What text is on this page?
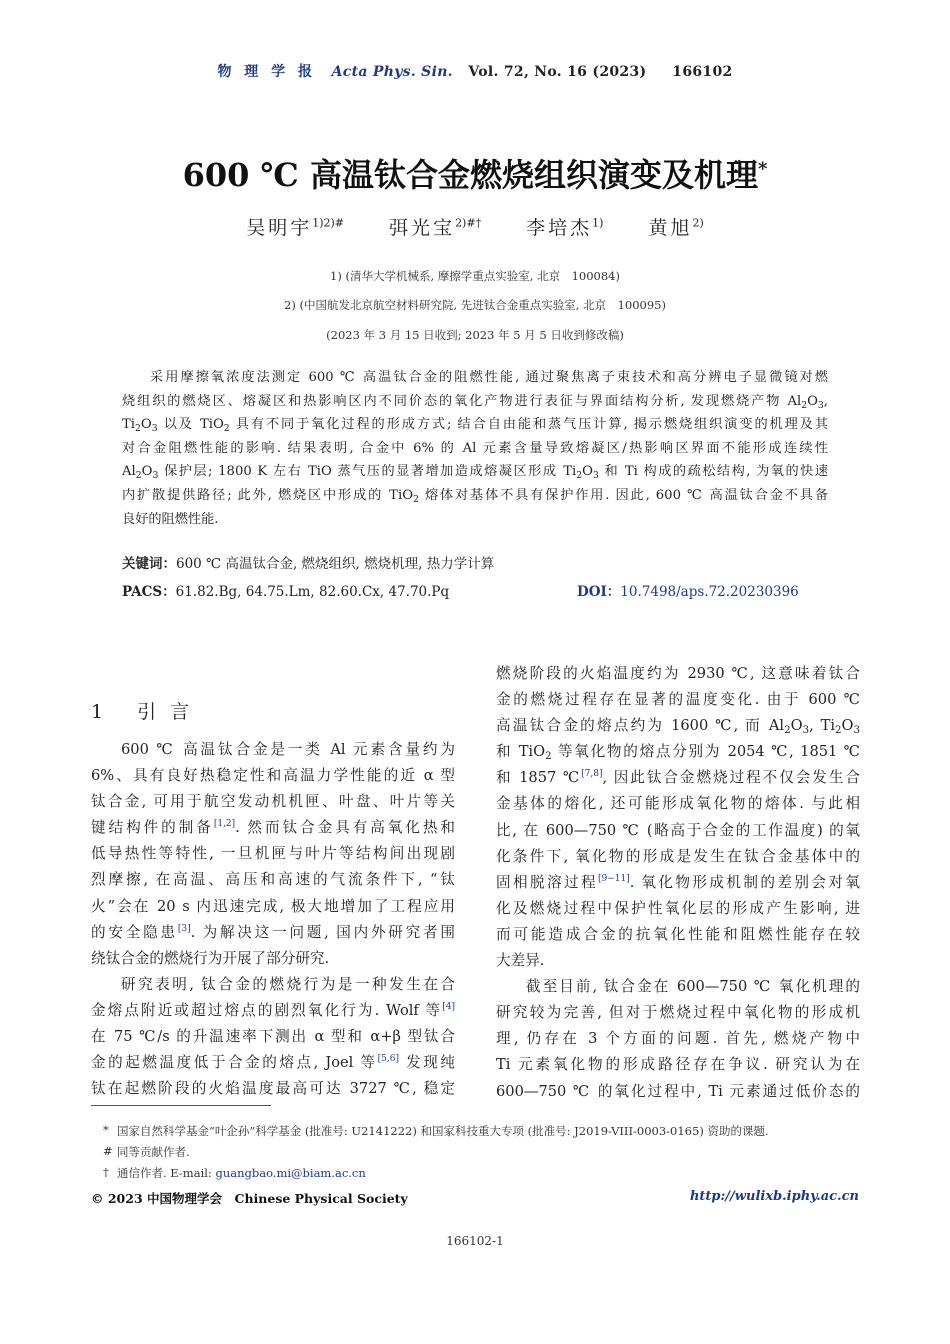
物 理 学 报 Acta Phys. Sin. Vol. 72, No. 16 (2023) 166102
600 ℃ 高温钛合金燃烧组织演变及机理*
吴明宇$^{1)2)\#}$ 弭光宝$^{2)\#\dagger}$ 李培杰$^{1)}$ 黄旭$^{2)}$
1) (清华大学机械系, 摩擦学重点实验室, 北京　100084)
2) (中国航发北京航空材料研究院, 先进钛合金重点实验室, 北京　100095)
(2023 年 3 月 15 日收到; 2023 年 5 月 5 日收到修改稿)
采用摩擦氧浓度法测定 600 ℃ 高温钛合金的阻燃性能, 通过聚焦离子束技术和高分辨电子显微镜对燃
烧组织的燃烧区、熔凝区和热影响区内不同价态的氧化产物进行表征与界面结构分析, 发现燃烧产物 $Al_2O_3$,
$Ti_2O_3$ 以及 TiO$_2$ 具有不同于氧化过程的形成方式; 结合自由能和蒸气压计算, 揭示燃烧组织演变的机理及其
对合金阻燃性能的影响. 结果表明, 合金中 6% 的 Al 元素含量导致熔凝区/热影响区界面不能形成连续性
$Al_2O_3$ 保护层; 1800 K 左右 TiO 蒸气压的显著增加造成熔凝区形成 $Ti_2O_3$ 和 Ti 构成的疏松结构, 为氧的快速
内扩散提供路径; 此外, 燃烧区中形成的 TiO$_2$ 熔体对基体不具有保护作用. 因此, 600 ℃ 高温钛合金不具备
良好的阻燃性能.
关键词：600 ℃ 高温钛合金, 燃烧组织, 燃烧机理, 热力学计算
PACS：61.82.Bg, 64.75.Lm, 82.60.Cx, 47.70.Pq	DOI：10.7498/aps.72.20230396
1 引言
600 ℃ 高温钛合金是一类 Al 元素含量约为
6%、具有良好热稳定性和高温力学性能的近 α 型
钛合金, 可用于航空发动机机匣、叶盘、叶片等关
键结构件的制备[1,2]. 然而钛合金具有高氧化热和
低导热性等特性, 一旦机匣与叶片等结构间出现剧
烈摩擦, 在高温、高压和高速的气流条件下, “钛
火”会在 20 s 内迅速完成, 极大地增加了工程应用
的安全隐患[3]. 为解决这一问题, 国内外研究者围
绕钛合金的燃烧行为开展了部分研究.
研究表明, 钛合金的燃烧行为是一种发生在合
金熔点附近或超过熔点的剧烈氧化行为. Wolf 等[4]
在 75 ℃/s 的升温速率下测出 α 型和 α+β 型钛合
金的起燃温度低于合金的熔点, Joel 等[5,6] 发现纯
钛在起燃阶段的火焰温度最高可达 3727 ℃, 稳定
燃烧阶段的火焰温度约为 2930 ℃, 这意味着钛合
金的燃烧过程存在显著的温度变化. 由于 600 ℃
高温钛合金的熔点约为 1600 ℃, 而 $Al_2O_3$, $Ti_2O_3$
和 TiO$_2$ 等氧化物的熔点分别为 2054 ℃, 1851 ℃
和 1857 ℃[7,8], 因此钛合金燃烧过程不仅会发生合
金基体的熔化, 还可能形成氧化物的熔体. 与此相
比, 在 600—750 ℃ (略高于合金的工作温度) 的氧
化条件下, 氧化物的形成是发生在钛合金基体中的
固相脱溶过程[9−11]. 氧化物形成机制的差别会对氧
化及燃烧过程中保护性氧化层的形成产生影响, 进
而可能造成合金的抗氧化性能和阻燃性能存在较
大差异.
截至目前, 钛合金在 600—750 ℃ 氧化机理的
研究较为完善, 但对于燃烧过程中氧化物的形成机
理, 仍存在 3 个方面的问题. 首先, 燃烧产物中
Ti 元素氧化物的形成路径存在争议. 研究认为在
600—750 ℃ 的氧化过程中, Ti 元素通过低价态的
* 国家自然科学基金“叶企孙”科学基金 (批准号: U2141222) 和国家科技重大专项 (批准号: J2019-VIII-0003-0165) 资助的课题.
# 同等贡献作者.
† 通信作者. E-mail: guangbao.mi@biam.ac.cn
© 2023 中国物理学会　Chinese Physical Society	http://wulixb.iphy.ac.cn
166102-1
